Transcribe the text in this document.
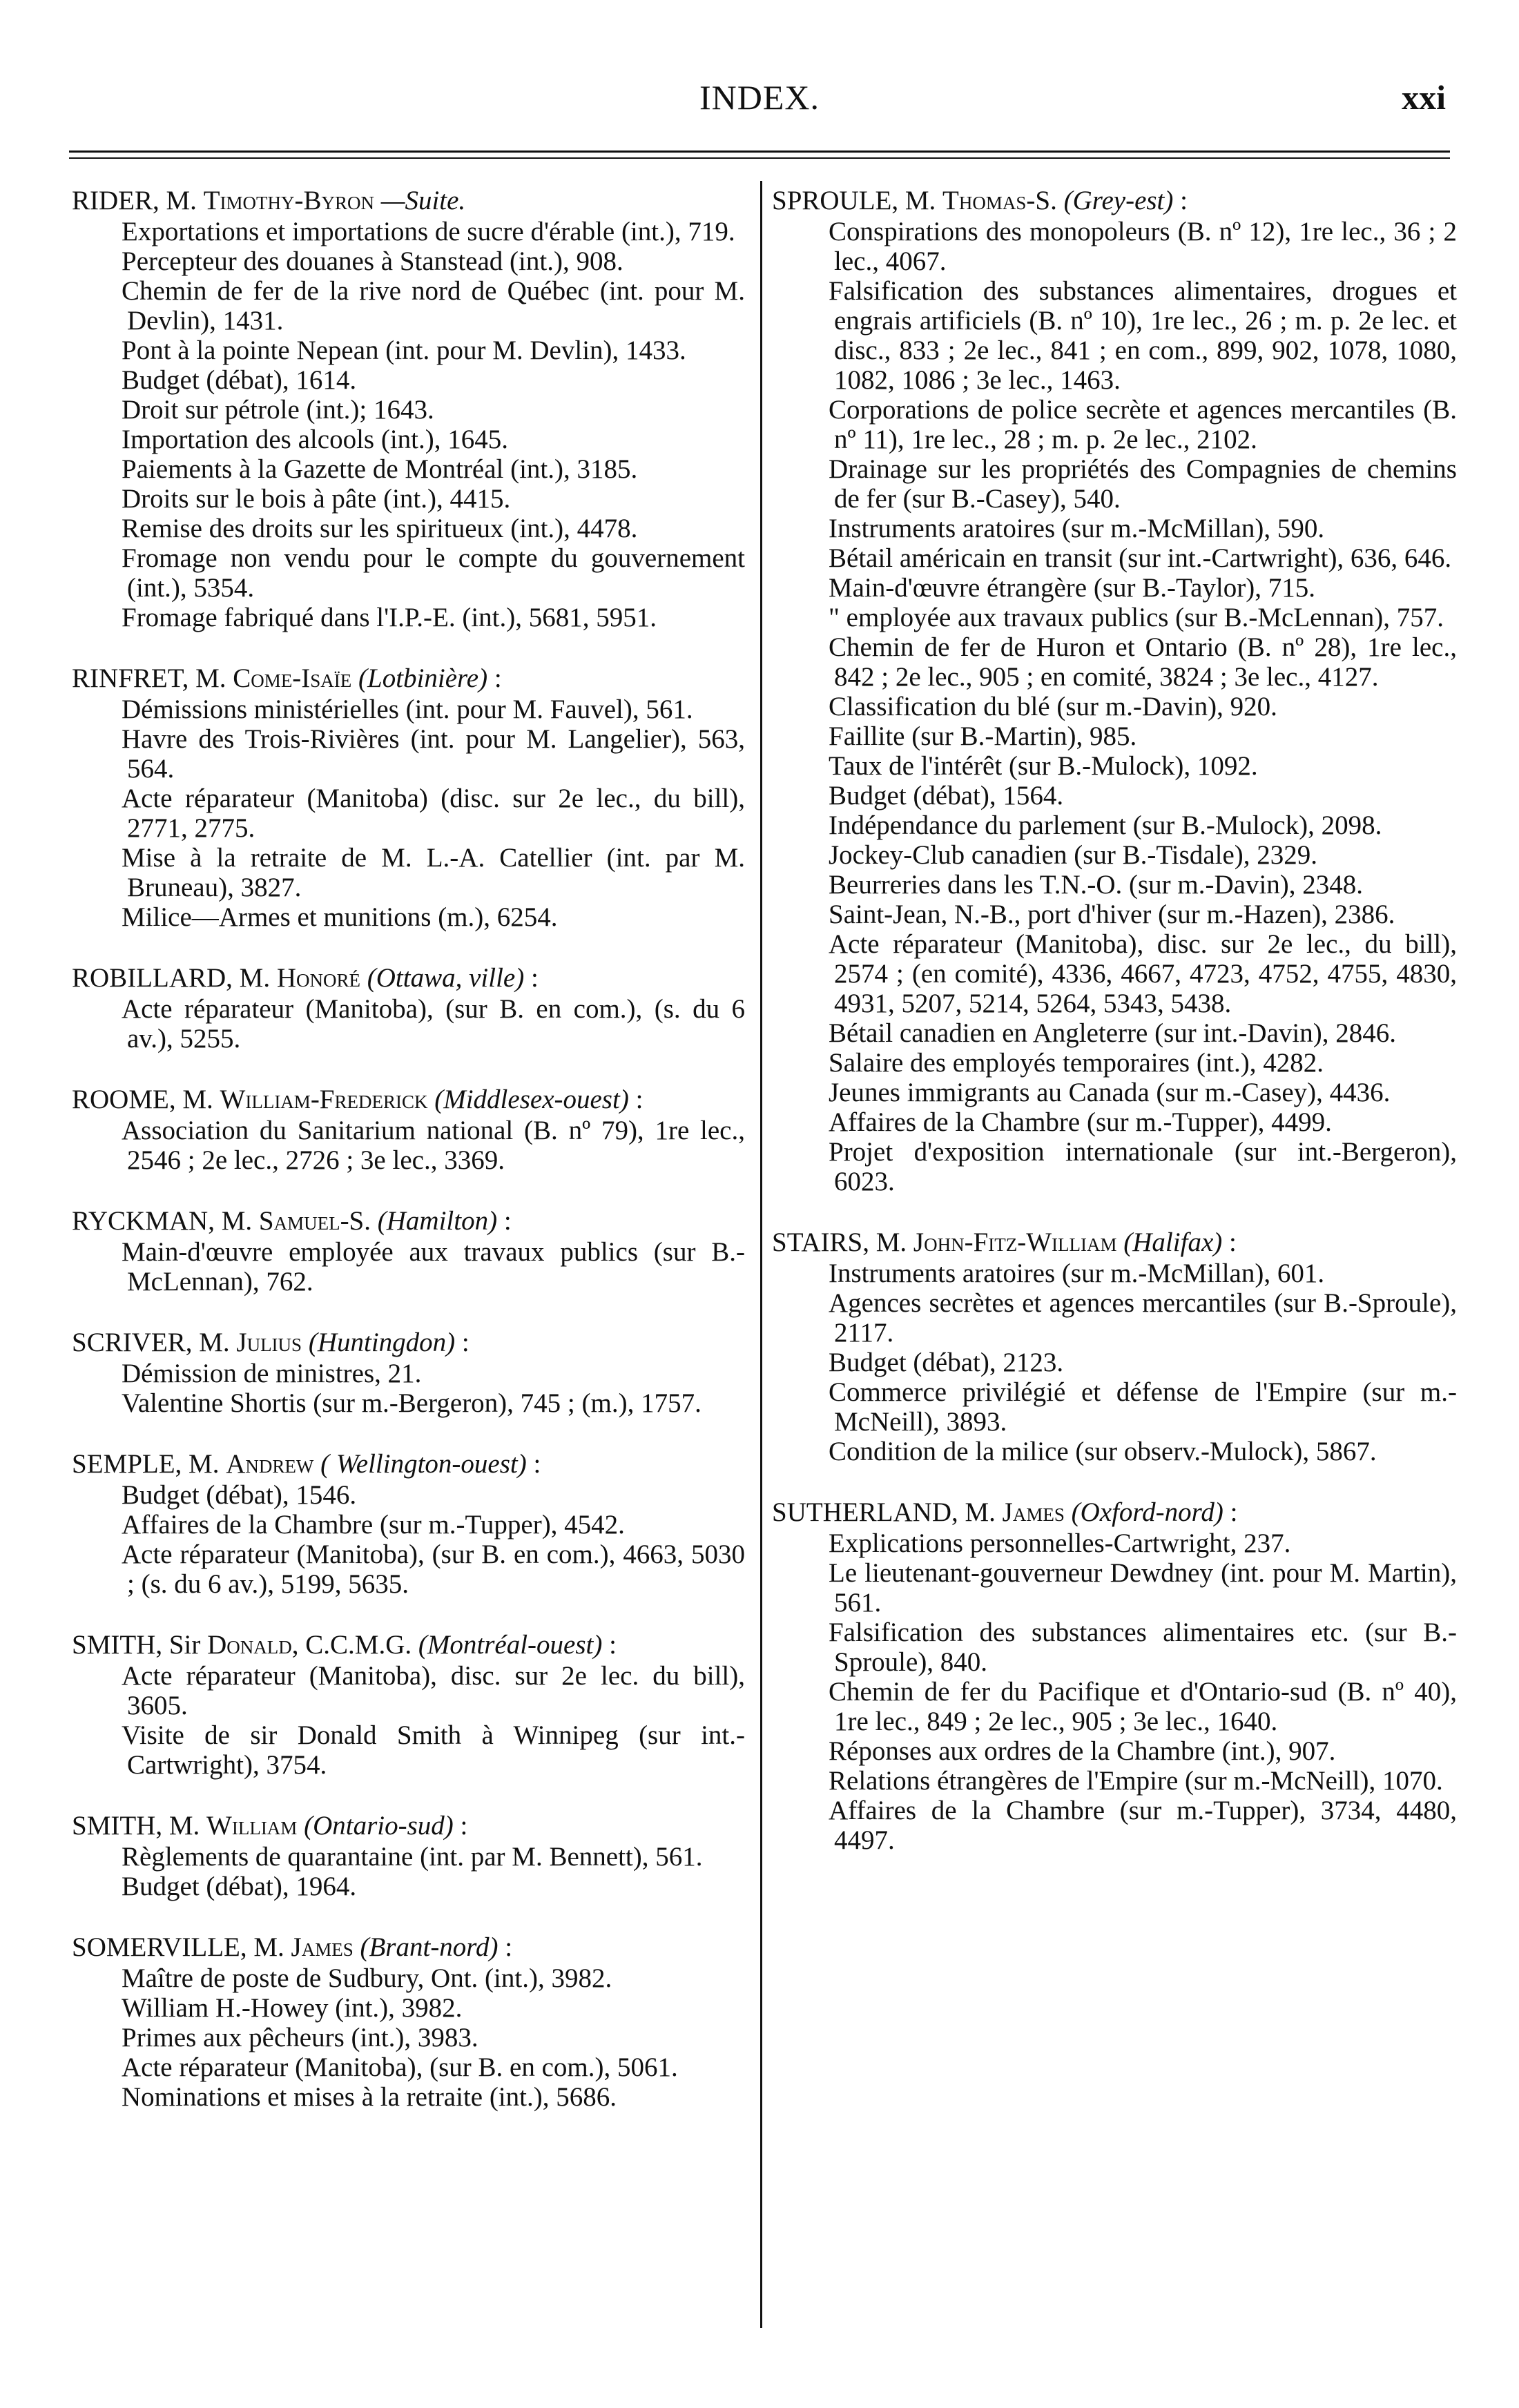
INDEX.	xxi
RIDER, M. Timothy-Byron —Suite.
Exportations et importations de sucre d'érable (int.), 719.
Percepteur des douanes à Stanstead (int.), 908.
Chemin de fer de la rive nord de Québec (int. pour M. Devlin), 1431.
Pont à la pointe Nepean (int. pour M. Devlin), 1433.
Budget (débat), 1614.
Droit sur pétrole (int.); 1643.
Importation des alcools (int.), 1645.
Paiements à la Gazette de Montréal (int.), 3185.
Droits sur le bois à pâte (int.), 4415.
Remise des droits sur les spiritueux (int.), 4478.
Fromage non vendu pour le compte du gouvernement (int.), 5354.
Fromage fabriqué dans l'I.P.-E. (int.), 5681, 5951.
RINFRET, M. Come-Isaïe (Lotbinière) :
Démissions ministérielles (int. pour M. Fauvel), 561.
Havre des Trois-Rivières (int. pour M. Langelier), 563, 564.
Acte réparateur (Manitoba) (disc. sur 2e lec., du bill), 2771, 2775.
Mise à la retraite de M. L.-A. Catellier (int. par M. Bruneau), 3827.
Milice—Armes et munitions (m.), 6254.
ROBILLARD, M. Honoré (Ottawa, ville) :
Acte réparateur (Manitoba), (sur B. en com.), (s. du 6 av.), 5255.
ROOME, M. William-Frederick (Middlesex-ouest) :
Association du Sanitarium national (B. nº 79), 1re lec., 2546 ; 2e lec., 2726 ; 3e lec., 3369.
RYCKMAN, M. Samuel-S. (Hamilton) :
Main-d'œuvre employée aux travaux publics (sur B.-McLennan), 762.
SCRIVER, M. Julius (Huntingdon) :
Démission de ministres, 21.
Valentine Shortis (sur m.-Bergeron), 745 ; (m.), 1757.
SEMPLE, M. Andrew ( Wellington-ouest) :
Budget (débat), 1546.
Affaires de la Chambre (sur m.-Tupper), 4542.
Acte réparateur (Manitoba), (sur B. en com.), 4663, 5030 ; (s. du 6 av.), 5199, 5635.
SMITH, Sir Donald, C.C.M.G. (Montréal-ouest) :
Acte réparateur (Manitoba), disc. sur 2e lec. du bill), 3605.
Visite de sir Donald Smith à Winnipeg (sur int.-Cartwright), 3754.
SMITH, M. William (Ontario-sud) :
Règlements de quarantaine (int. par M. Bennett), 561.
Budget (débat), 1964.
SOMERVILLE, M. James (Brant-nord) :
Maître de poste de Sudbury, Ont. (int.), 3982.
William H.-Howey (int.), 3982.
Primes aux pêcheurs (int.), 3983.
Acte réparateur (Manitoba), (sur B. en com.), 5061.
Nominations et mises à la retraite (int.), 5686.
SPROULE, M. Thomas-S. (Grey-est) :
Conspirations des monopoleurs (B. nº 12), 1re lec., 36 ; 2 lec., 4067.
Falsification des substances alimentaires, drogues et engrais artificiels (B. nº 10), 1re lec., 26 ; m. p. 2e lec. et disc., 833 ; 2e lec., 841 ; en com., 899, 902, 1078, 1080, 1082, 1086 ; 3e lec., 1463.
Corporations de police secrète et agences mercantiles (B. nº 11), 1re lec., 28 ; m. p. 2e lec., 2102.
Drainage sur les propriétés des Compagnies de chemins de fer (sur B.-Casey), 540.
Instruments aratoires (sur m.-McMillan), 590.
Bétail américain en transit (sur int.-Cartwright), 636, 646.
Main-d'œuvre étrangère (sur B.-Taylor), 715.
" employée aux travaux publics (sur B.-McLennan), 757.
Chemin de fer de Huron et Ontario (B. nº 28), 1re lec., 842 ; 2e lec., 905 ; en comité, 3824 ; 3e lec., 4127.
Classification du blé (sur m.-Davin), 920.
Faillite (sur B.-Martin), 985.
Taux de l'intérêt (sur B.-Mulock), 1092.
Budget (débat), 1564.
Indépendance du parlement (sur B.-Mulock), 2098.
Jockey-Club canadien (sur B.-Tisdale), 2329.
Beurreries dans les T.N.-O. (sur m.-Davin), 2348.
Saint-Jean, N.-B., port d'hiver (sur m.-Hazen), 2386.
Acte réparateur (Manitoba), disc. sur 2e lec., du bill), 2574 ; (en comité), 4336, 4667, 4723, 4752, 4755, 4830, 4931, 5207, 5214, 5264, 5343, 5438.
Bétail canadien en Angleterre (sur int.-Davin), 2846.
Salaire des employés temporaires (int.), 4282.
Jeunes immigrants au Canada (sur m.-Casey), 4436.
Affaires de la Chambre (sur m.-Tupper), 4499.
Projet d'exposition internationale (sur int.-Bergeron), 6023.
STAIRS, M. John-Fitz-William (Halifax) :
Instruments aratoires (sur m.-McMillan), 601.
Agences secrètes et agences mercantiles (sur B.-Sproule), 2117.
Budget (débat), 2123.
Commerce privilégié et défense de l'Empire (sur m.-McNeill), 3893.
Condition de la milice (sur observ.-Mulock), 5867.
SUTHERLAND, M. James (Oxford-nord) :
Explications personnelles-Cartwright, 237.
Le lieutenant-gouverneur Dewdney (int. pour M. Martin), 561.
Falsification des substances alimentaires etc. (sur B.-Sproule), 840.
Chemin de fer du Pacifique et d'Ontario-sud (B. nº 40), 1re lec., 849 ; 2e lec., 905 ; 3e lec., 1640.
Réponses aux ordres de la Chambre (int.), 907.
Relations étrangères de l'Empire (sur m.-McNeill), 1070.
Affaires de la Chambre (sur m.-Tupper), 3734, 4480, 4497.
